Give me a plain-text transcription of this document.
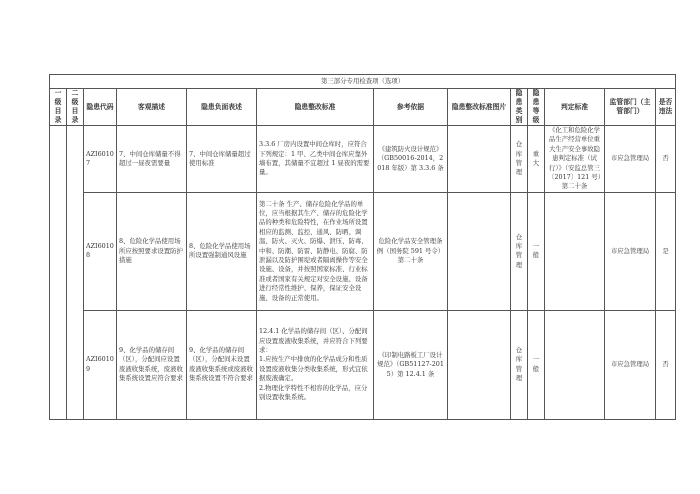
第三部分专用检查项（选项）												
一级目录	二级目录	隐患代码	客观描述	隐患负面表述	隐患整改标准	参考依据	隐患整改标准图片	隐患类别	隐患等级	判定标准	监管部门（主管部门）	是否违法
		AZI60107	7、中间仓库储量不得超过一昼夜需要量	7、中间仓库储量超过使用标准	3.3.6 厂房内设置中间仓库时，应符合下列规定：1 甲、乙类中间仓库应靠外墙布置，其储量不宜超过 1 昼夜的需要量。	《建筑防火设计规范》（GB50016-2014，2018 年版）第 3.3.6 条		仓库管理	重大	《化工和危险化学品生产经营单位重大生产安全事故隐患判定标准（试行）》（安监总管三〔2017〕121 号）第二十条	市应急管理局	否
		AZI60108	8、危险化学品使用场所应按照要求设置防护措施	8、危险化学品使用场所设置强制通风设施	第二十条 生产、储存危险化学品的单位，应当根据其生产、储存的危险化学品的种类和危险特性，在作业场所设置相应的监测、监控、通风、防晒、调温、防火、灭火、防爆、泄压、防毒、中和、防潮、防雷、防静电、防腐、防泄漏以及防护围堤或者隔离操作等安全设施、设备，并按照国家标准、行业标准或者国家有关规定对安全设施、设备进行经常性维护、保养，保证安全设施、设备的正常使用。	危险化学品安全管理条例（国务院 591 号令）第二十条		仓库管理	一般		市应急管理局	是
		AZI60109	9、化学品的储存间（区），分配间应设置废液收集系统，废液收集系统设置应符合要求	9、化学品的储存间（区），分配间未设置废液收集系统或废液收集系统设置不符合要求	12.4.1 化学品的储存间（区）、分配间应设置废液收集系统，并应符合下列要求：
1.应按生产中排放的化学品成分和性质设置废液收集分类收集系统，形式宜依据废液确定。
2.物理化学特性不相容的化学品，应分别设置收集系统。	《印制电路板工厂设计规范》（GB51127-2015）第 12.4.1 条		仓库管理	一般		市应急管理局	否
